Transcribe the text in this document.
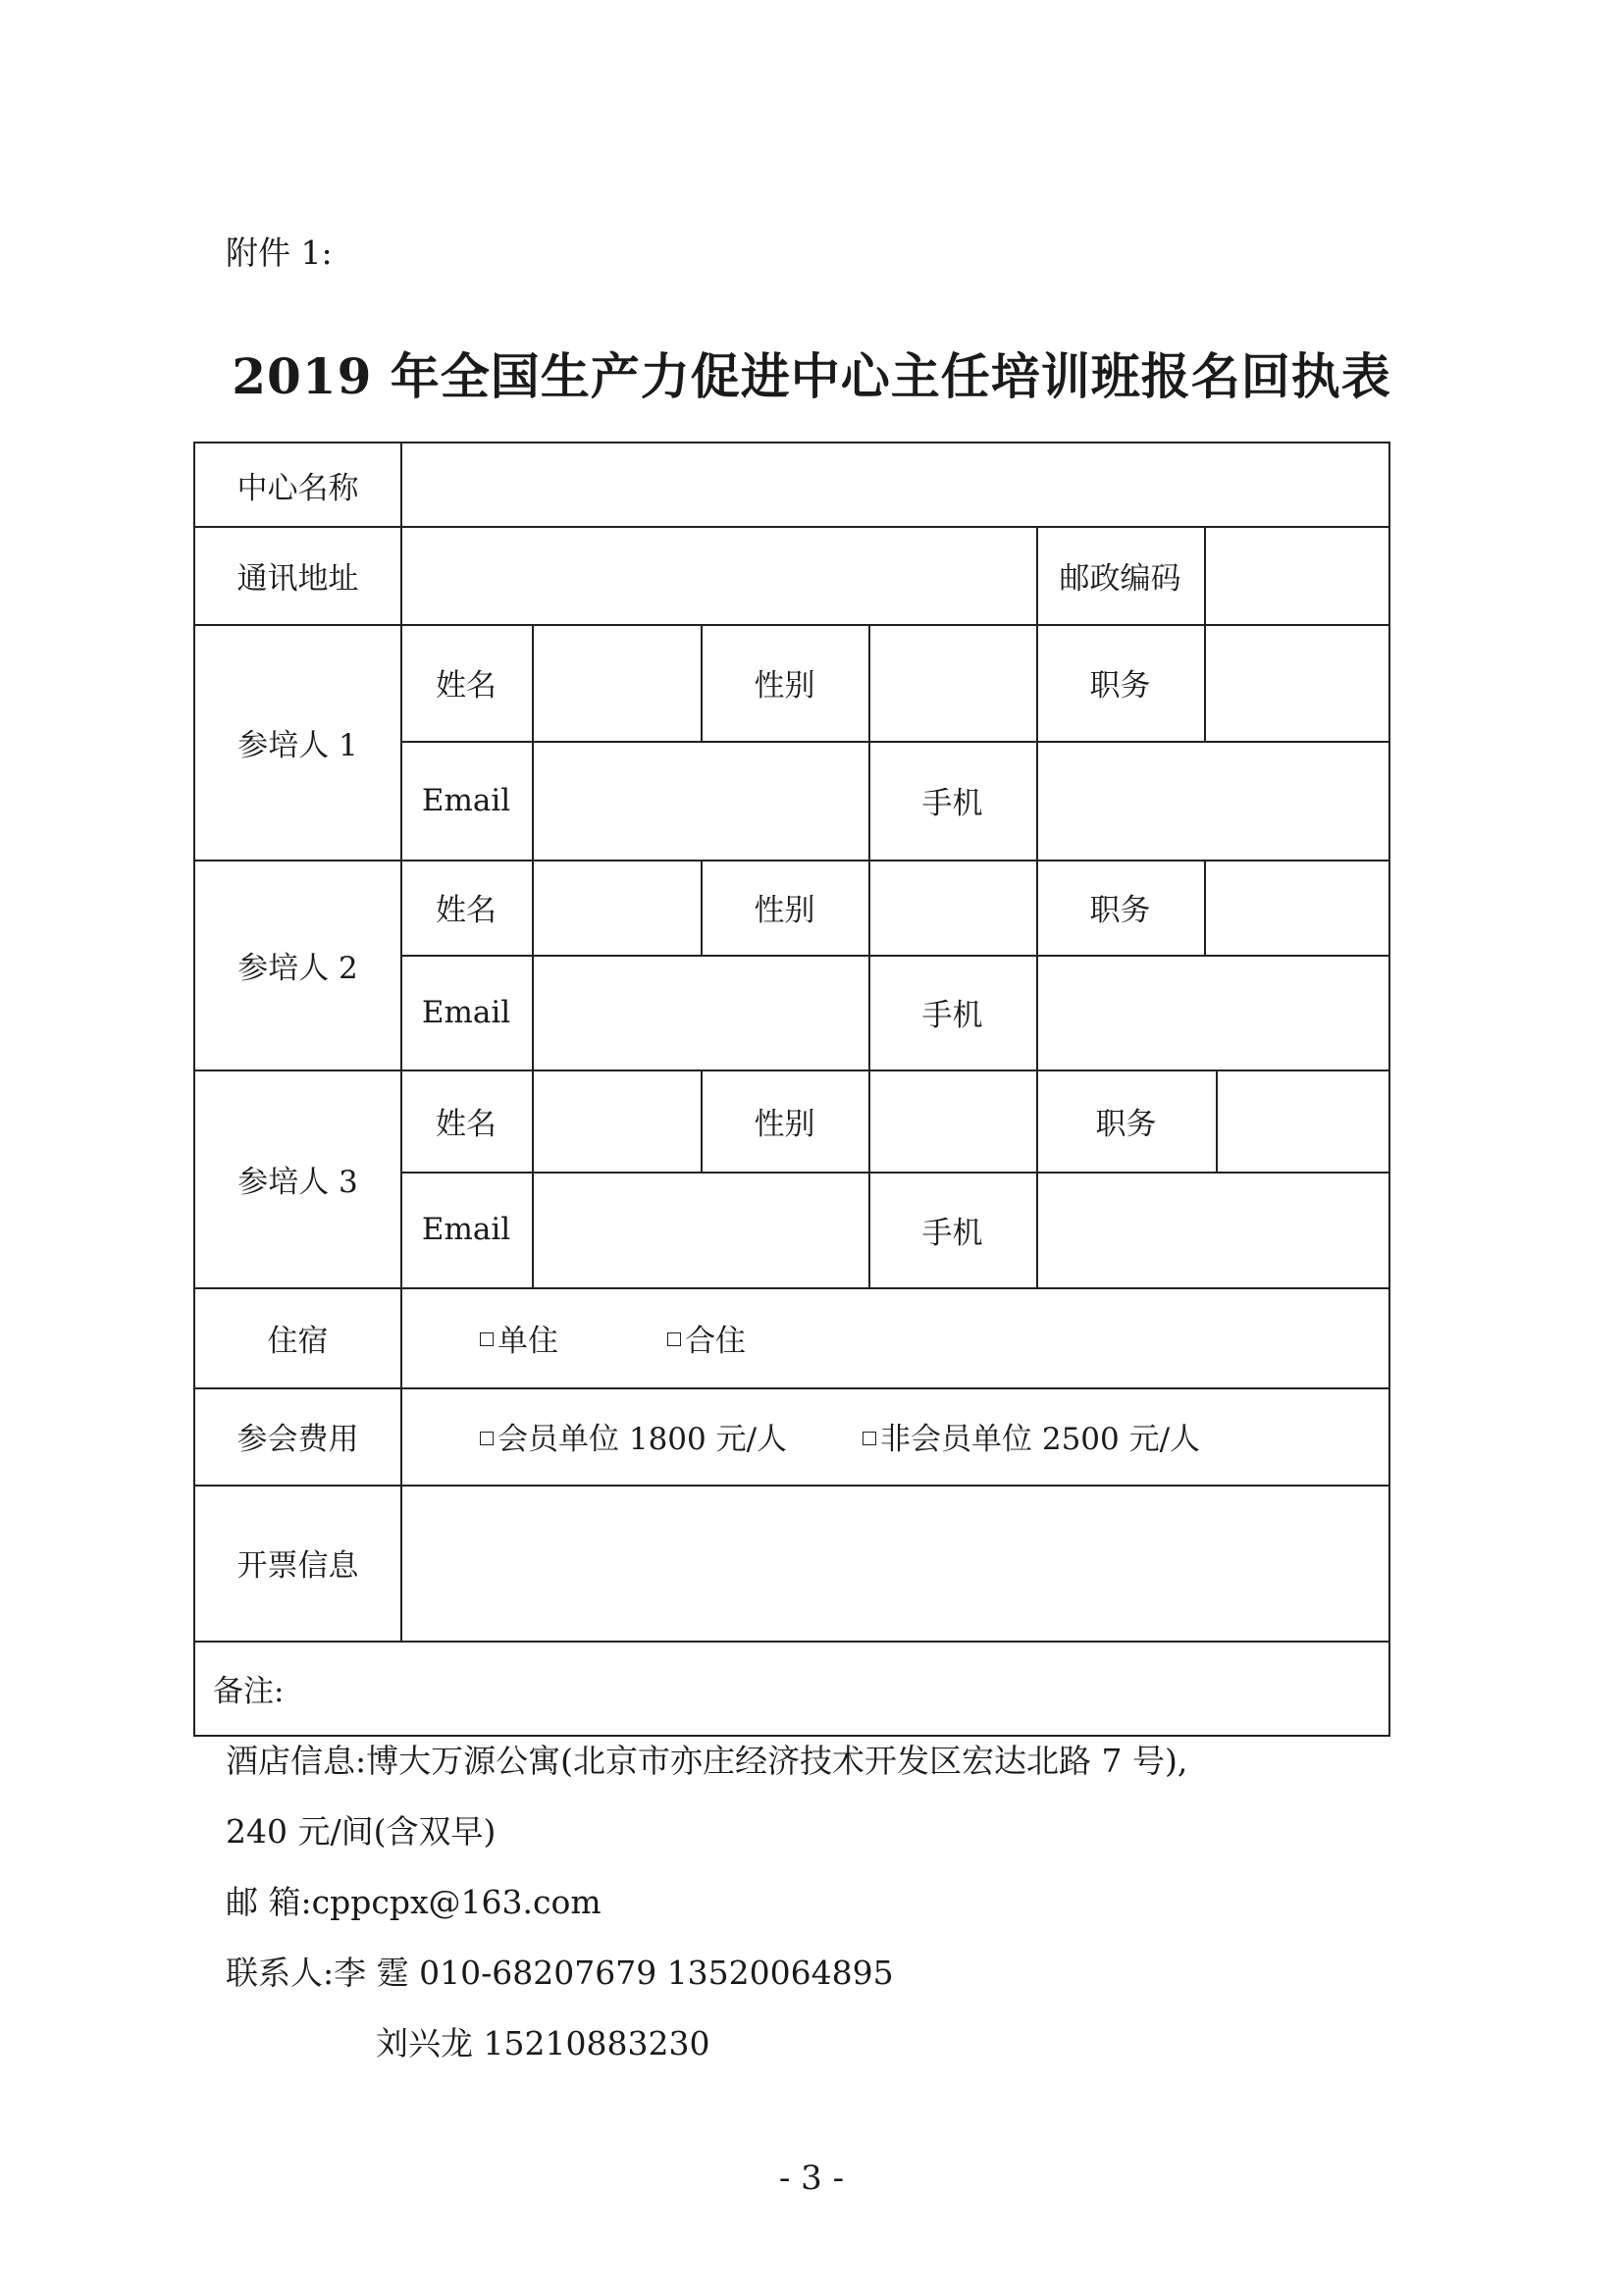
附件 1:
2019 年全国生产力促进中心主任培训班报名回执表
中心名称
通讯地址	邮政编码
参培人 1
姓名	性别	职务
Email	手机
参培人 2
姓名	性别	职务
Email	手机
参培人 3
姓名	性别	职务
Email	手机
住宿	单住	合住
参会费用	会员单位 1800 元/人	非会员单位 2500 元/人
开票信息
备注:
酒店信息:博大万源公寓(北京市亦庄经济技术开发区宏达北路 7 号),
240 元/间(含双早)
邮 箱:cppcpx@163.com
联系人:李 霆 010-68207679 13520064895
刘兴龙 15210883230
- 3 -
